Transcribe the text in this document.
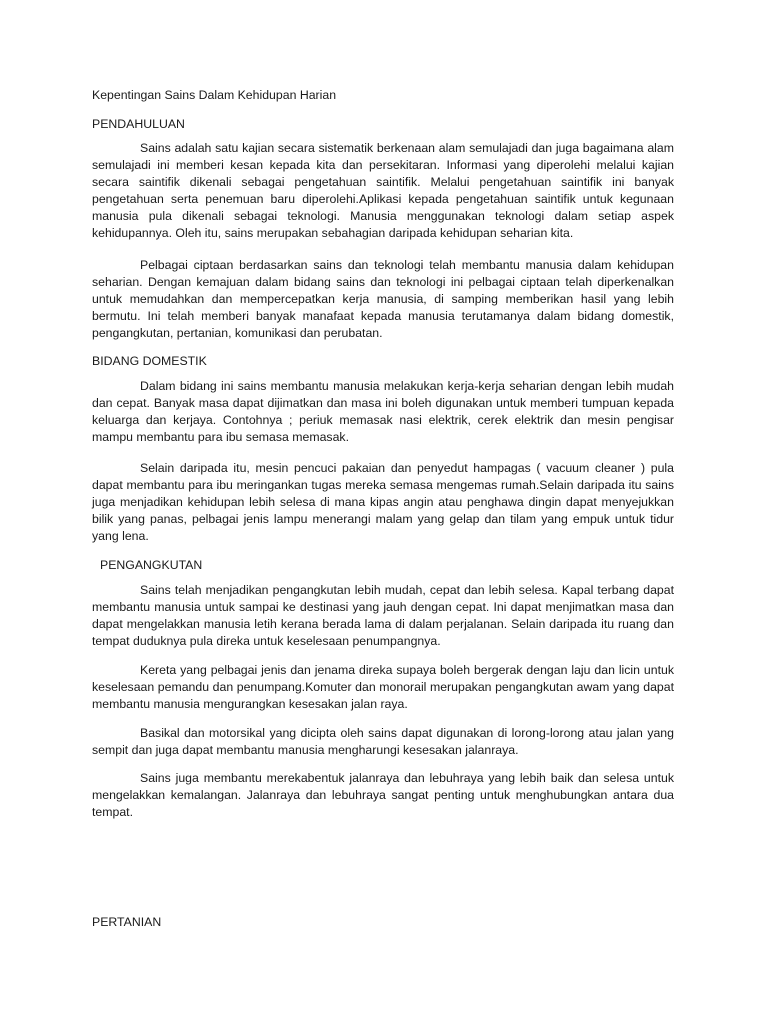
Kepentingan Sains Dalam Kehidupan Harian

PENDAHULUAN

Sains adalah satu kajian secara sistematik berkenaan alam semulajadi dan juga bagaimana alam semulajadi ini memberi kesan kepada kita dan persekitaran. Informasi yang diperolehi melalui kajian secara saintifik dikenali sebagai pengetahuan saintifik. Melalui pengetahuan saintifik ini banyak pengetahuan serta penemuan baru diperolehi.Aplikasi kepada pengetahuan saintifik untuk kegunaan manusia pula dikenali sebagai teknologi. Manusia menggunakan teknologi dalam setiap aspek kehidupannya. Oleh itu, sains merupakan sebahagian daripada kehidupan seharian kita.

Pelbagai ciptaan berdasarkan sains dan teknologi telah membantu manusia dalam kehidupan seharian. Dengan kemajuan dalam bidang sains dan teknologi ini pelbagai ciptaan telah diperkenalkan untuk memudahkan dan mempercepatkan kerja manusia, di samping memberikan hasil yang lebih bermutu. Ini telah memberi banyak manafaat kepada manusia terutamanya dalam bidang domestik, pengangkutan, pertanian, komunikasi dan perubatan.

BIDANG DOMESTIK

Dalam bidang ini sains membantu manusia melakukan kerja-kerja seharian dengan lebih mudah dan cepat. Banyak masa dapat dijimatkan dan masa ini boleh digunakan untuk memberi tumpuan kepada keluarga dan kerjaya. Contohnya ; periuk memasak nasi elektrik, cerek elektrik dan mesin pengisar mampu membantu para ibu semasa memasak.

Selain daripada itu, mesin pencuci pakaian dan penyedut hampagas ( vacuum cleaner ) pula dapat membantu para ibu meringankan tugas mereka semasa mengemas rumah.Selain daripada itu sains juga menjadikan kehidupan lebih selesa di mana kipas angin atau penghawa dingin dapat menyejukkan bilik yang panas, pelbagai jenis lampu menerangi malam yang gelap dan tilam yang empuk untuk tidur yang lena.

PENGANGKUTAN

Sains telah menjadikan pengangkutan lebih mudah, cepat dan lebih selesa. Kapal terbang dapat membantu manusia untuk sampai ke destinasi yang jauh dengan cepat. Ini dapat menjimatkan masa dan dapat mengelakkan manusia letih kerana berada lama di dalam perjalanan. Selain daripada itu ruang dan tempat duduknya pula direka untuk keselesaan penumpangnya.

Kereta yang pelbagai jenis dan jenama direka supaya boleh bergerak dengan laju dan licin untuk keselesaan pemandu dan penumpang.Komuter dan monorail merupakan pengangkutan awam yang dapat membantu manusia mengurangkan kesesakan jalan raya.

Basikal dan motorsikal yang dicipta oleh sains dapat digunakan di lorong-lorong atau jalan yang sempit dan juga dapat membantu manusia mengharungi kesesakan jalanraya.

Sains juga membantu merekabentuk jalanraya dan lebuhraya yang lebih baik dan selesa untuk mengelakkan kemalangan. Jalanraya dan lebuhraya sangat penting untuk menghubungkan antara dua tempat.

PERTANIAN
